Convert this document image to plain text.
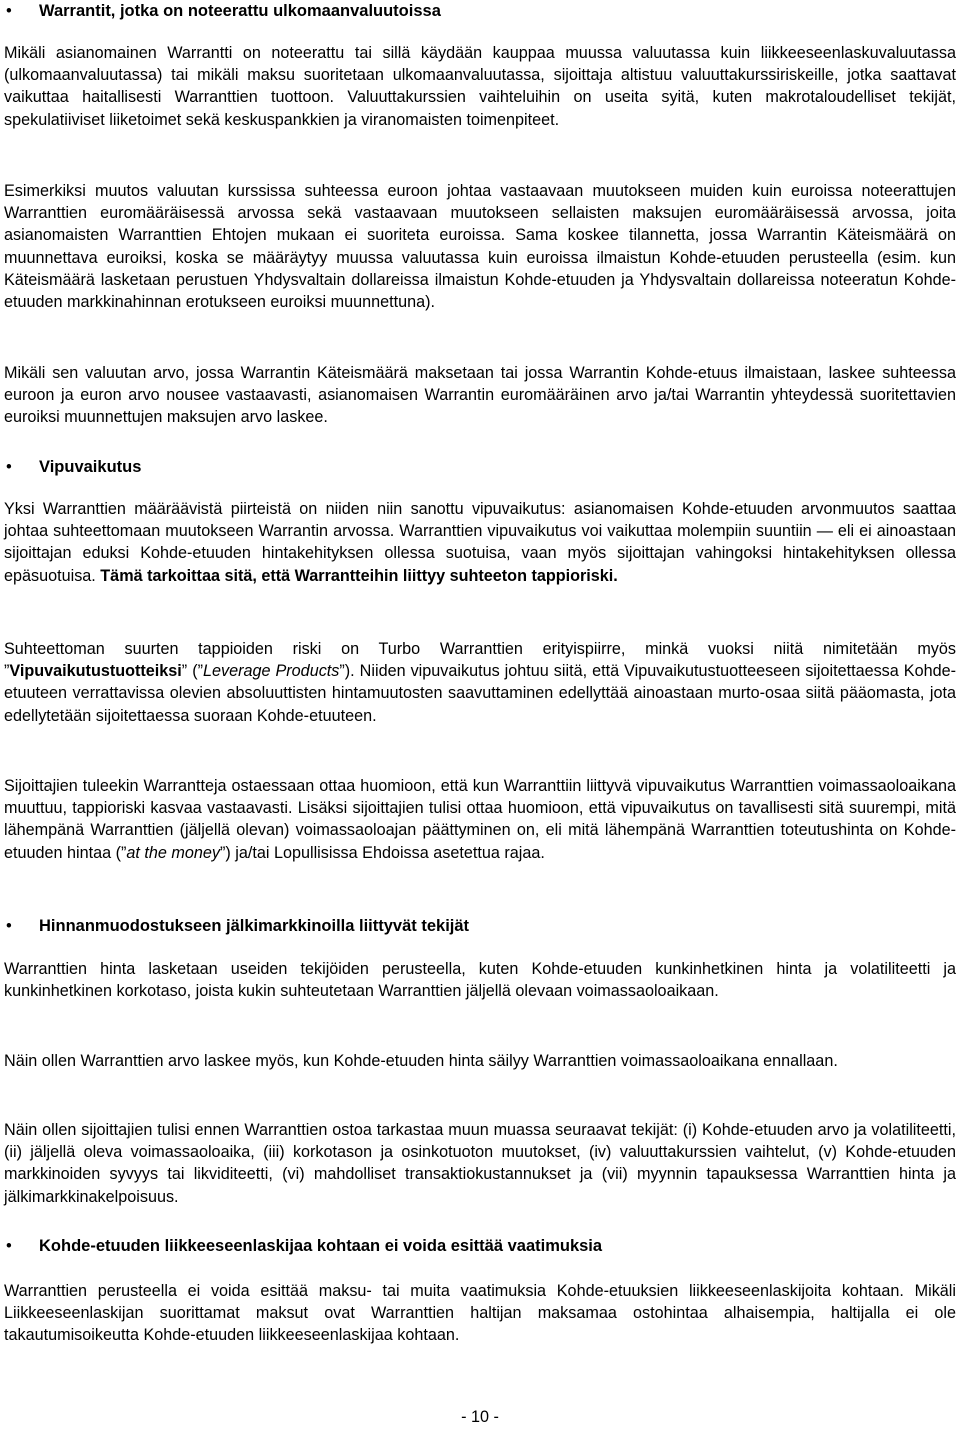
• Warrantit, jotka on noteerattu ulkomaanvaluutoissa

Mikäli asianomainen Warrantti on noteerattu tai sillä käydään kauppaa muussa valuutassa kuin liikkeeseenlaskuvaluutassa (ulkomaanvaluutassa) tai mikäli maksu suoritetaan ulkomaanvaluutassa, sijoittaja altistuu valuuttakurssiriskeille, jotka saattavat vaikuttaa haitallisesti Warranttien tuottoon. Valuuttakurssien vaihteluihin on useita syitä, kuten makrotaloudelliset tekijät, spekulatiiviset liiketoimet sekä keskuspankkien ja viranomaisten toimenpiteet.

Esimerkiksi muutos valuutan kurssissa suhteessa euroon johtaa vastaavaan muutokseen muiden kuin euroissa noteerattujen Warranttien euromääräisessä arvossa sekä vastaavaan muutokseen sellaisten maksujen euromääräisessä arvossa, joita asianomaisten Warranttien Ehtojen mukaan ei suoriteta euroissa. Sama koskee tilannetta, jossa Warrantin Käteismäärä on muunnettava euroiksi, koska se määräytyy muussa valuutassa kuin euroissa ilmaistun Kohde-etuuden perusteella (esim. kun Käteismäärä lasketaan perustuen Yhdysvaltain dollareissa ilmaistun Kohde-etuuden ja Yhdysvaltain dollareissa noteeratun Kohde-etuuden markkinahinnan erotukseen euroiksi muunnettuna).

Mikäli sen valuutan arvo, jossa Warrantin Käteismäärä maksetaan tai jossa Warrantin Kohde-etuus ilmaistaan, laskee suhteessa euroon ja euron arvo nousee vastaavasti, asianomaisen Warrantin euromääräinen arvo ja/tai Warrantin yhteydessä suoritettavien euroiksi muunnettujen maksujen arvo laskee.

• Vipuvaikutus

Yksi Warranttien määräävistä piirteistä on niiden niin sanottu vipuvaikutus: asianomaisen Kohde-etuuden arvonmuutos saattaa johtaa suhteettomaan muutokseen Warrantin arvossa. Warranttien vipuvaikutus voi vaikuttaa molempiin suuntiin — eli ei ainoastaan sijoittajan eduksi Kohde-etuuden hintakehityksen ollessa suotuisa, vaan myös sijoittajan vahingoksi hintakehityksen ollessa epäsuotuisa. Tämä tarkoittaa sitä, että Warrantteihin liittyy suhteeton tappioriski.

Suhteettoman suurten tappioiden riski on Turbo Warranttien erityispiirre, minkä vuoksi niitä nimitetään myös ”Vipuvaikutustuotteiksi” (”Leverage Products”). Niiden vipuvaikutus johtuu siitä, että Vipuvaikutustuotteeseen sijoitettaessa Kohde-etuuteen verrattavissa olevien absoluuttisten hintamuutosten saavuttaminen edellyttää ainoastaan murto-osaa siitä pääomasta, jota edellytetään sijoitettaessa suoraan Kohde-etuuteen.

Sijoittajien tuleekin Warrantteja ostaessaan ottaa huomioon, että kun Warranttiin liittyvä vipuvaikutus Warranttien voimassaoloaikana muuttuu, tappioriski kasvaa vastaavasti. Lisäksi sijoittajien tulisi ottaa huomioon, että vipuvaikutus on tavallisesti sitä suurempi, mitä lähempänä Warranttien (jäljellä olevan) voimassaoloajan päättyminen on, eli mitä lähempänä Warranttien toteutushinta on Kohde-etuuden hintaa (”at the money”) ja/tai Lopullisissa Ehdoissa asetettua rajaa.

• Hinnanmuodostukseen jälkimarkkinoilla liittyvät tekijät

Warranttien hinta lasketaan useiden tekijöiden perusteella, kuten Kohde-etuuden kunkinhetkinen hinta ja volatiliteetti ja kunkinhetkinen korkotaso, joista kukin suhteutetaan Warranttien jäljellä olevaan voimassaoloaikaan.

Näin ollen Warranttien arvo laskee myös, kun Kohde-etuuden hinta säilyy Warranttien voimassaoloaikana ennallaan.

Näin ollen sijoittajien tulisi ennen Warranttien ostoa tarkastaa muun muassa seuraavat tekijät: (i) Kohde-etuuden arvo ja volatiliteetti, (ii) jäljellä oleva voimassaoloaika, (iii) korkotason ja osinkotuoton muutokset, (iv) valuuttakurssien vaihtelut, (v) Kohde-etuuden markkinoiden syvyys tai likviditeetti, (vi) mahdolliset transaktiokustannukset ja (vii) myynnin tapauksessa Warranttien hinta ja jälkimarkkinakelpoisuus.

• Kohde-etuuden liikkeeseenlaskijaa kohtaan ei voida esittää vaatimuksia

Warranttien perusteella ei voida esittää maksu- tai muita vaatimuksia Kohde-etuuksien liikkeeseenlaskijoita kohtaan. Mikäli Liikkeeseenlaskijan suorittamat maksut ovat Warranttien haltijan maksamaa ostohintaa alhaisempia, haltijalla ei ole takautumisoikeutta Kohde-etuuden liikkeeseenlaskijaa kohtaan.

- 10 -
